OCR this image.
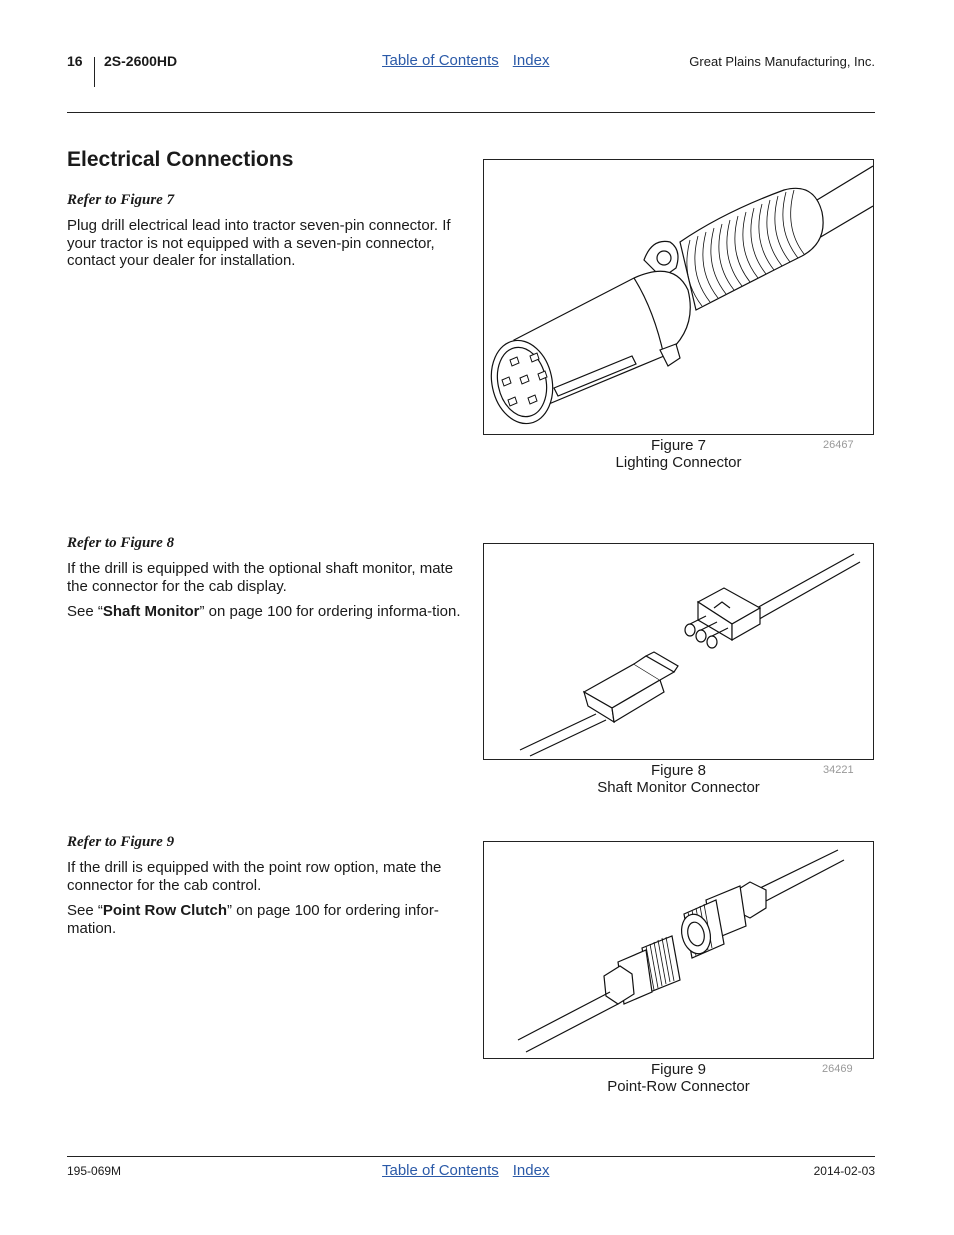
16 2S-2600HD	Table of Contents Index	Great Plains Manufacturing, Inc.
Electrical Connections

Refer to Figure 7

Plug drill electrical lead into tractor seven-pin connector. If your tractor is not equipped with a seven-pin connector, contact your dealer for installation.

Refer to Figure 8

If the drill is equipped with the optional shaft monitor, mate the connector for the cab display.

See “Shaft Monitor” on page 100 for ordering informa-tion.

Refer to Figure 9

If the drill is equipped with the point row option, mate the connector for the cab control.

See “Point Row Clutch” on page 100 for ordering infor-mation.

Figure 7
Lighting Connector
26467
Figure 8
Shaft Monitor Connector
34221
Figure 9
Point-Row Connector
26469
195-069M	Table of Contents Index	2014-02-03
